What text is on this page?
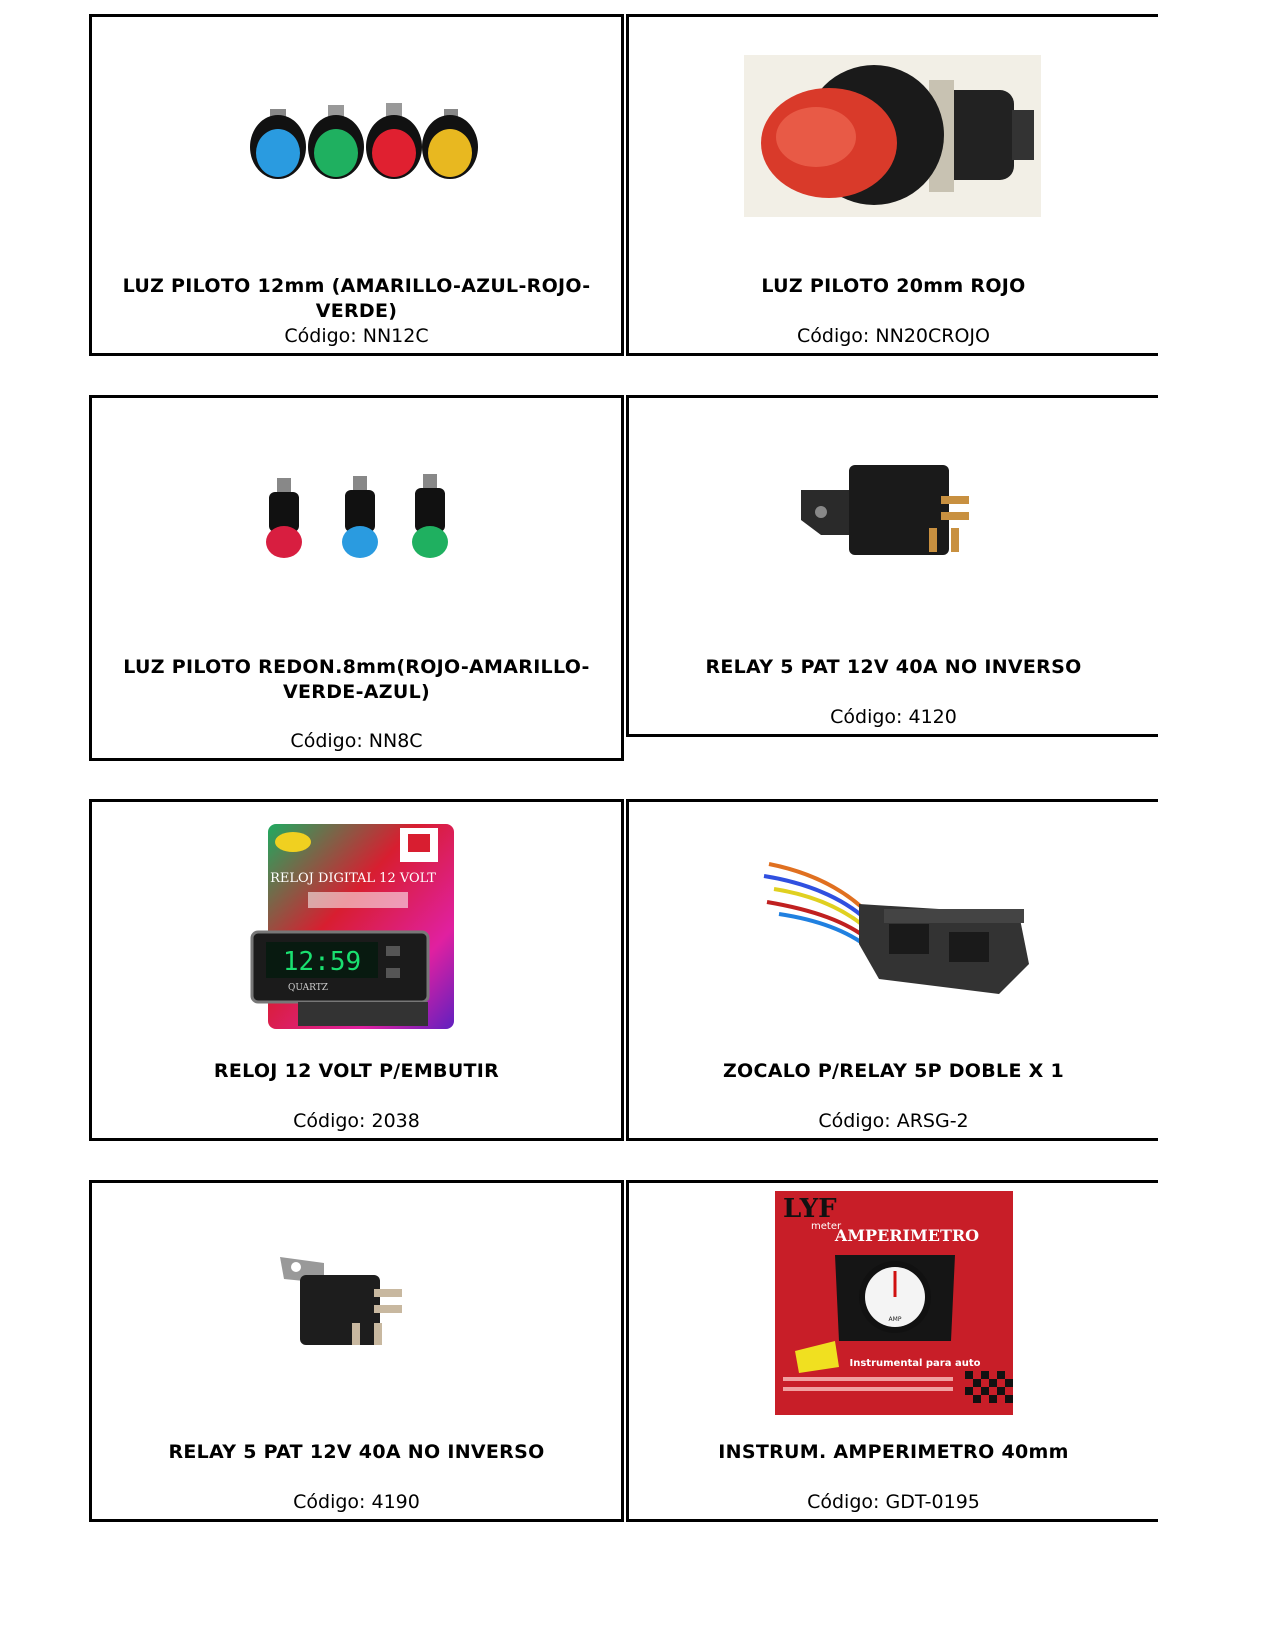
LUZ PILOTO 12mm (AMARILLO-AZUL-ROJO-VERDE)
Código: NN12C
LUZ PILOTO 20mm ROJO
Código: NN20CROJO
LUZ PILOTO REDON.8mm(ROJO-AMARILLO-VERDE-AZUL)
Código: NN8C
RELAY 5 PAT 12V 40A NO INVERSO
Código: 4120
RELOJ DIGITAL 12 VOLT
12:59
QUARTZ
RELOJ 12 VOLT P/EMBUTIR
Código: 2038
ZOCALO P/RELAY 5P DOBLE X 1
Código: ARSG-2
RELAY 5 PAT 12V 40A NO INVERSO
Código: 4190
LYF
meter
AMPERIMETRO
AMP
Instrumental para auto
INSTRUM. AMPERIMETRO 40mm
Código: GDT-0195
